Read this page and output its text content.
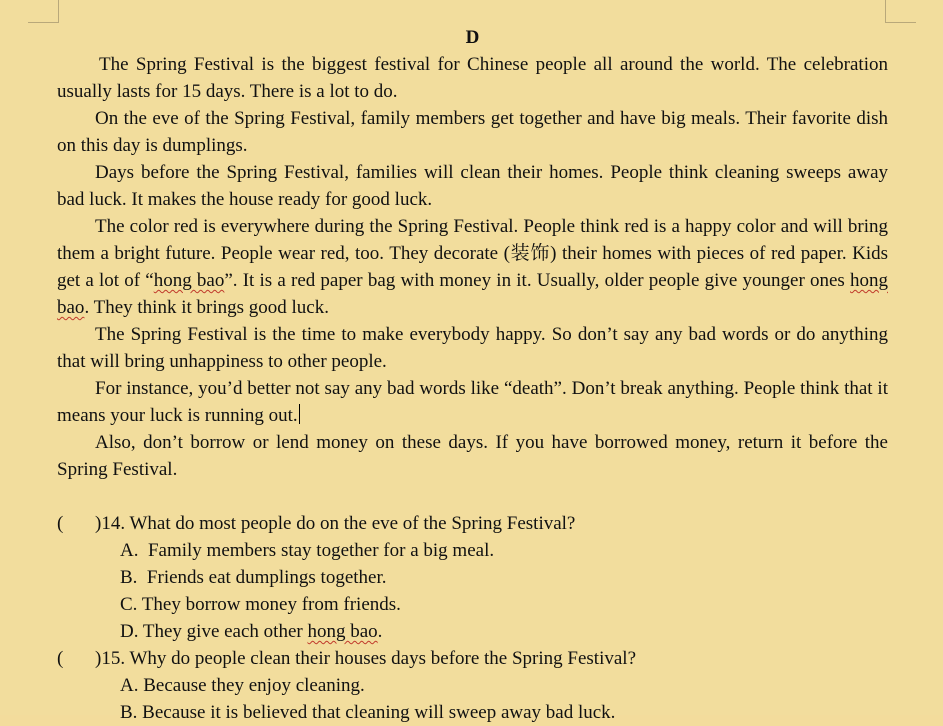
D

The Spring Festival is the biggest festival for Chinese people all around the world. The celebration usually lasts for 15 days. There is a lot to do.

On the eve of the Spring Festival, family members get together and have big meals. Their favorite dish on this day is dumplings.

Days before the Spring Festival, families will clean their homes. People think cleaning sweeps away bad luck. It makes the house ready for good luck.

The color red is everywhere during the Spring Festival. People think red is a happy color and will bring them a bright future. People wear red, too. They decorate (装饰) their homes with pieces of red paper. Kids get a lot of “hong bao”. It is a red paper bag with money in it. Usually, older people give younger ones hong bao. They think it brings good luck.

The Spring Festival is the time to make everybody happy. So don’t say any bad words or do anything that will bring unhappiness to other people.

For instance, you’d better not say any bad words like “death”. Don’t break anything. People think that it means your luck is running out.

Also, don’t borrow or lend money on these days. If you have borrowed money, return it before the Spring Festival.

( )14. What do most people do on the eve of the Spring Festival?

A.  Family members stay together for a big meal.

B.  Friends eat dumplings together.

C. They borrow money from friends.

D. They give each other hong bao.

( )15. Why do people clean their houses days before the Spring Festival?

A. Because they enjoy cleaning.

B. Because it is believed that cleaning will sweep away bad luck.
